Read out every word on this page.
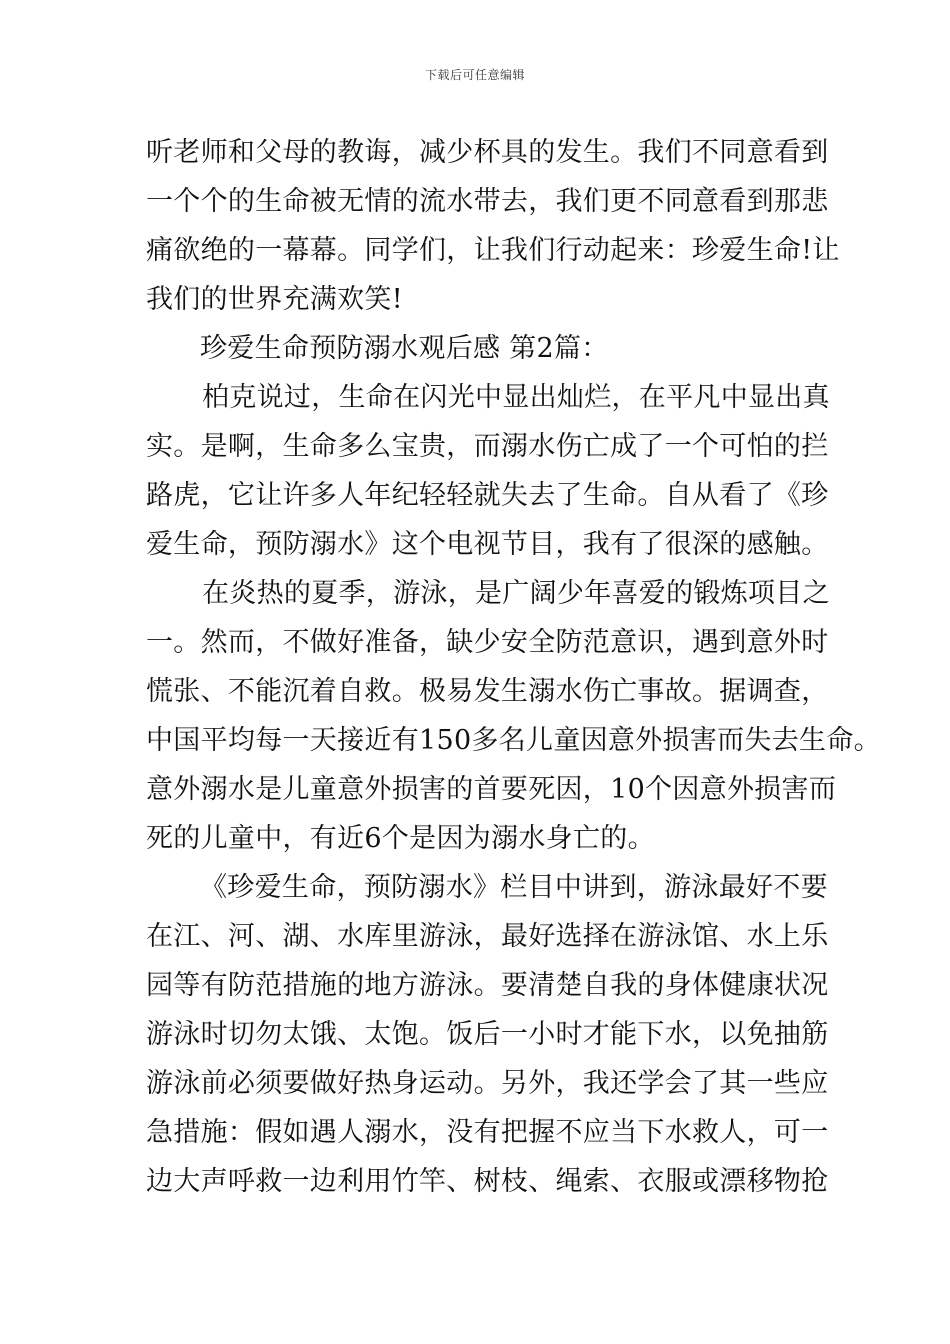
下载后可任意编辑
听老师和父母的教诲，减少杯具的发生。我们不同意看到
一个个的生命被无情的流水带去，我们更不同意看到那悲
痛欲绝的一幕幕。同学们，让我们行动起来：珍爱生命!让
我们的世界充满欢笑!
珍爱生命预防溺水观后感 第2篇：
柏克说过，生命在闪光中显出灿烂，在平凡中显出真
实。是啊，生命多么宝贵，而溺水伤亡成了一个可怕的拦
路虎，它让许多人年纪轻轻就失去了生命。自从看了《珍
爱生命，预防溺水》这个电视节目，我有了很深的感触。
在炎热的夏季，游泳，是广阔少年喜爱的锻炼项目之
一。然而，不做好准备，缺少安全防范意识，遇到意外时
慌张、不能沉着自救。极易发生溺水伤亡事故。据调查，
中国平均每一天接近有150多名儿童因意外损害而失去生命。
意外溺水是儿童意外损害的首要死因，10个因意外损害而
死的儿童中，有近6个是因为溺水身亡的。
《珍爱生命，预防溺水》栏目中讲到，游泳最好不要
在江、河、湖、水库里游泳，最好选择在游泳馆、水上乐
园等有防范措施的地方游泳。要清楚自我的身体健康状况
游泳时切勿太饿、太饱。饭后一小时才能下水，以免抽筋
游泳前必须要做好热身运动。另外，我还学会了其一些应
急措施：假如遇人溺水，没有把握不应当下水救人，可一
边大声呼救一边利用竹竿、树枝、绳索、衣服或漂移物抢
